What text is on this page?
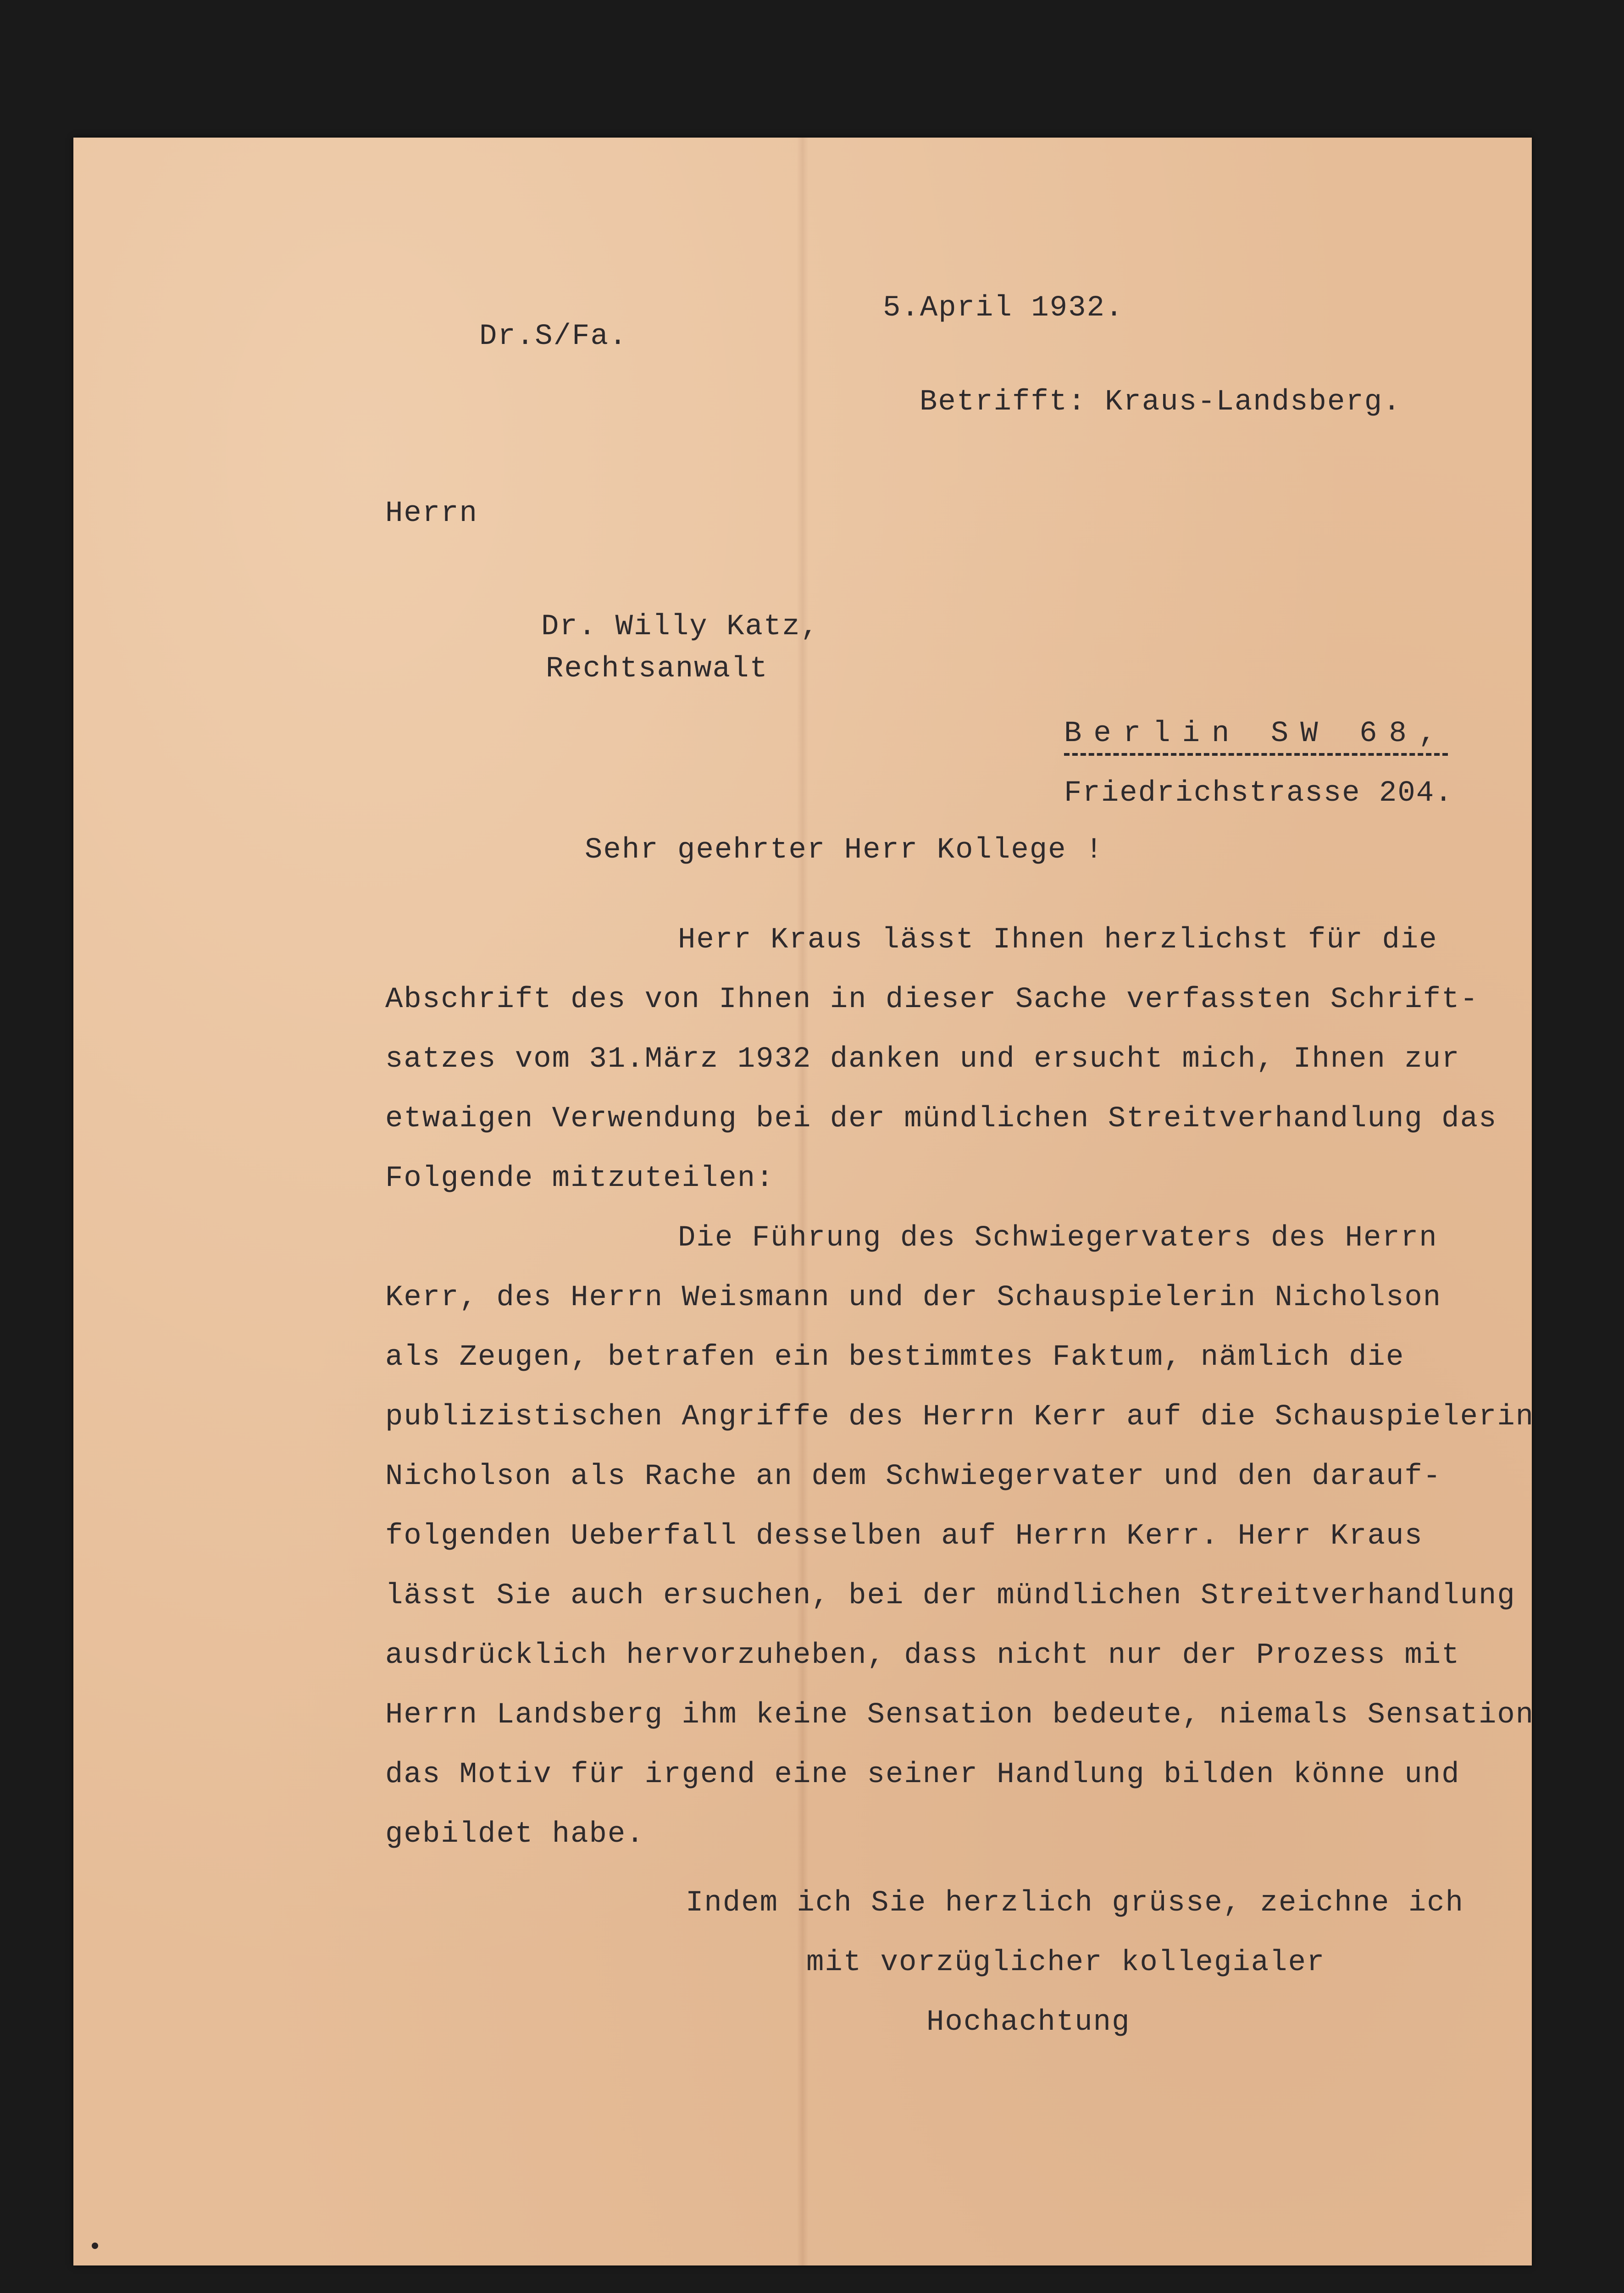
5.April 1932.
Dr.S/Fa.
Betrifft: Kraus-Landsberg.
Herrn
Dr. Willy Katz,
Rechtsanwalt
Berlin SW 68,
Friedrichstrasse 204.
Sehr geehrter Herr Kollege !
Herr Kraus lässt Ihnen herzlichst für die
Abschrift des von Ihnen in dieser Sache verfassten Schrift-
satzes vom 31.März 1932 danken und ersucht mich, Ihnen zur
etwaigen Verwendung bei der mündlichen Streitverhandlung das
Folgende mitzuteilen:
Die Führung des Schwiegervaters des Herrn
Kerr, des Herrn Weismann und der Schauspielerin Nicholson
als Zeugen, betrafen ein bestimmtes Faktum, nämlich die
publizistischen Angriffe des Herrn Kerr auf die Schauspielerin
Nicholson als Rache an dem Schwiegervater und den darauf-
folgenden Ueberfall desselben auf Herrn Kerr. Herr Kraus
lässt Sie auch ersuchen, bei der mündlichen Streitverhandlung
ausdrücklich hervorzuheben, dass nicht nur der Prozess mit
Herrn Landsberg ihm keine Sensation bedeute, niemals Sensation
das Motiv für irgend eine seiner Handlung bilden könne und
gebildet habe.
Indem ich Sie herzlich grüsse, zeichne ich
mit vorzüglicher kollegialer
Hochachtung
